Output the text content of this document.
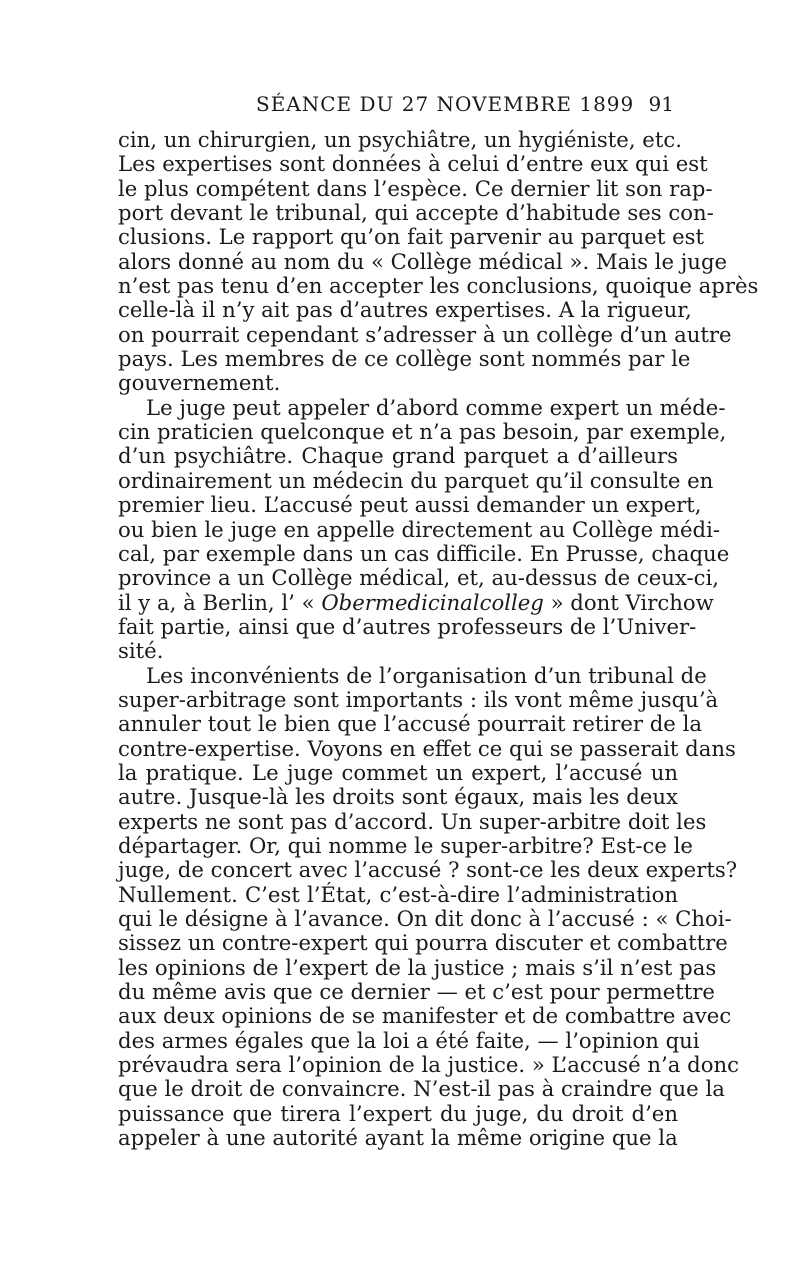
SÉANCE DU 27 NOVEMBRE 1899 91
cin, un chirurgien, un psychiâtre, un hygiéniste, etc.
Les expertises sont données à celui d’entre eux qui est
le plus compétent dans l’espèce. Ce dernier lit son rap-
port devant le tribunal, qui accepte d’habitude ses con-
clusions. Le rapport qu’on fait parvenir au parquet est
alors donné au nom du « Collège médical ». Mais le juge
n’est pas tenu d’en accepter les conclusions, quoique après
celle-là il n’y ait pas d’autres expertises. A la rigueur,
on pourrait cependant s’adresser à un collège d’un autre
pays. Les membres de ce collège sont nommés par le
gouvernement.
Le juge peut appeler d’abord comme expert un méde-
cin praticien quelconque et n’a pas besoin, par exemple,
d’un psychiâtre. Chaque grand parquet a d’ailleurs
ordinairement un médecin du parquet qu’il consulte en
premier lieu. L’accusé peut aussi demander un expert,
ou bien le juge en appelle directement au Collège médi-
cal, par exemple dans un cas difficile. En Prusse, chaque
province a un Collège médical, et, au-dessus de ceux-ci,
il y a, à Berlin, l’ « Obermedicinalcolleg » dont Virchow
fait partie, ainsi que d’autres professeurs de l’Univer-
sité.
Les inconvénients de l’organisation d’un tribunal de
super-arbitrage sont importants : ils vont même jusqu’à
annuler tout le bien que l’accusé pourrait retirer de la
contre-expertise. Voyons en effet ce qui se passerait dans
la pratique. Le juge commet un expert, l’accusé un
autre. Jusque-là les droits sont égaux, mais les deux
experts ne sont pas d’accord. Un super-arbitre doit les
départager. Or, qui nomme le super-arbitre? Est-ce le
juge, de concert avec l’accusé ? sont-ce les deux experts?
Nullement. C’est l’État, c’est-à-dire l’administration
qui le désigne à l’avance. On dit donc à l’accusé : « Choi-
sissez un contre-expert qui pourra discuter et combattre
les opinions de l’expert de la justice ; mais s’il n’est pas
du même avis que ce dernier — et c’est pour permettre
aux deux opinions de se manifester et de combattre avec
des armes égales que la loi a été faite, — l’opinion qui
prévaudra sera l’opinion de la justice. » L’accusé n’a donc
que le droit de convaincre. N’est-il pas à craindre que la
puissance que tirera l’expert du juge, du droit d’en
appeler à une autorité ayant la même origine que la
